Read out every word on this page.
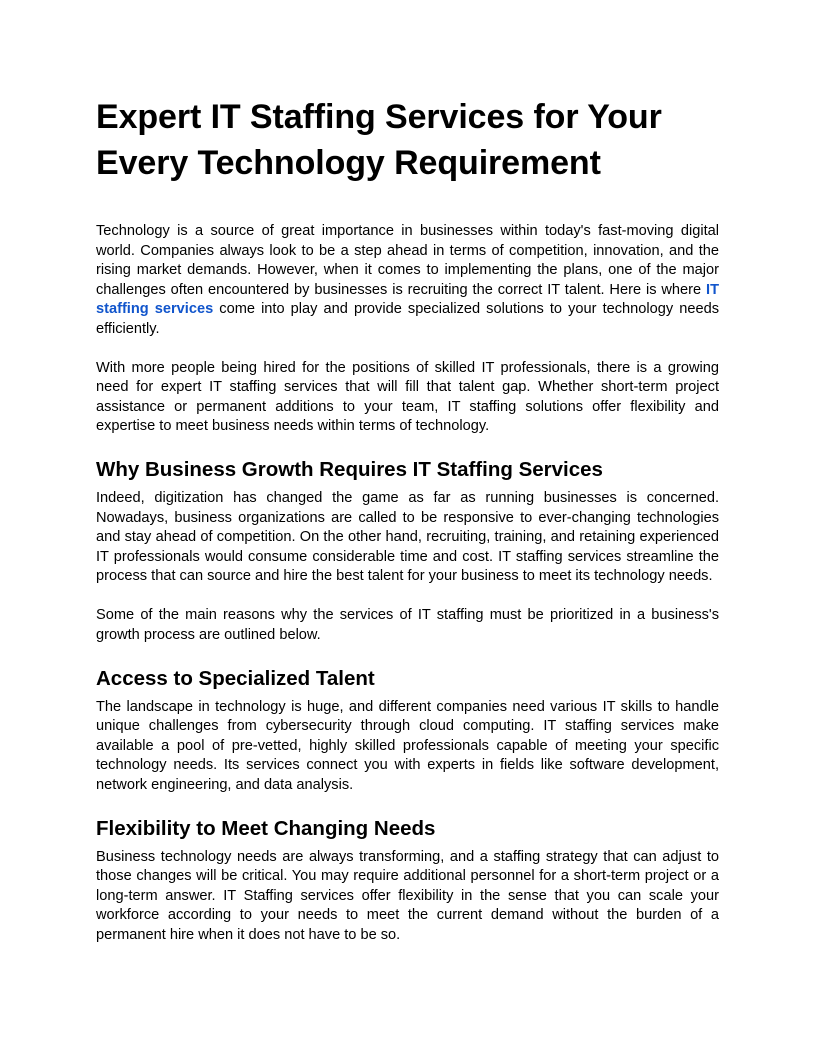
Expert IT Staffing Services for Your Every Technology Requirement

Technology is a source of great importance in businesses within today's fast-moving digital world. Companies always look to be a step ahead in terms of competition, innovation, and the rising market demands. However, when it comes to implementing the plans, one of the major challenges often encountered by businesses is recruiting the correct IT talent. Here is where IT staffing services come into play and provide specialized solutions to your technology needs efficiently.

With more people being hired for the positions of skilled IT professionals, there is a growing need for expert IT staffing services that will fill that talent gap. Whether short-term project assistance or permanent additions to your team, IT staffing solutions offer flexibility and expertise to meet business needs within terms of technology.

Why Business Growth Requires IT Staffing Services

Indeed, digitization has changed the game as far as running businesses is concerned. Nowadays, business organizations are called to be responsive to ever-changing technologies and stay ahead of competition. On the other hand, recruiting, training, and retaining experienced IT professionals would consume considerable time and cost. IT staffing services streamline the process that can source and hire the best talent for your business to meet its technology needs.

Some of the main reasons why the services of IT staffing must be prioritized in a business's growth process are outlined below.

Access to Specialized Talent

The landscape in technology is huge, and different companies need various IT skills to handle unique challenges from cybersecurity through cloud computing. IT staffing services make available a pool of pre-vetted, highly skilled professionals capable of meeting your specific technology needs. Its services connect you with experts in fields like software development, network engineering, and data analysis.

Flexibility to Meet Changing Needs

Business technology needs are always transforming, and a staffing strategy that can adjust to those changes will be critical. You may require additional personnel for a short-term project or a long-term answer. IT Staffing services offer flexibility in the sense that you can scale your workforce according to your needs to meet the current demand without the burden of a permanent hire when it does not have to be so.
